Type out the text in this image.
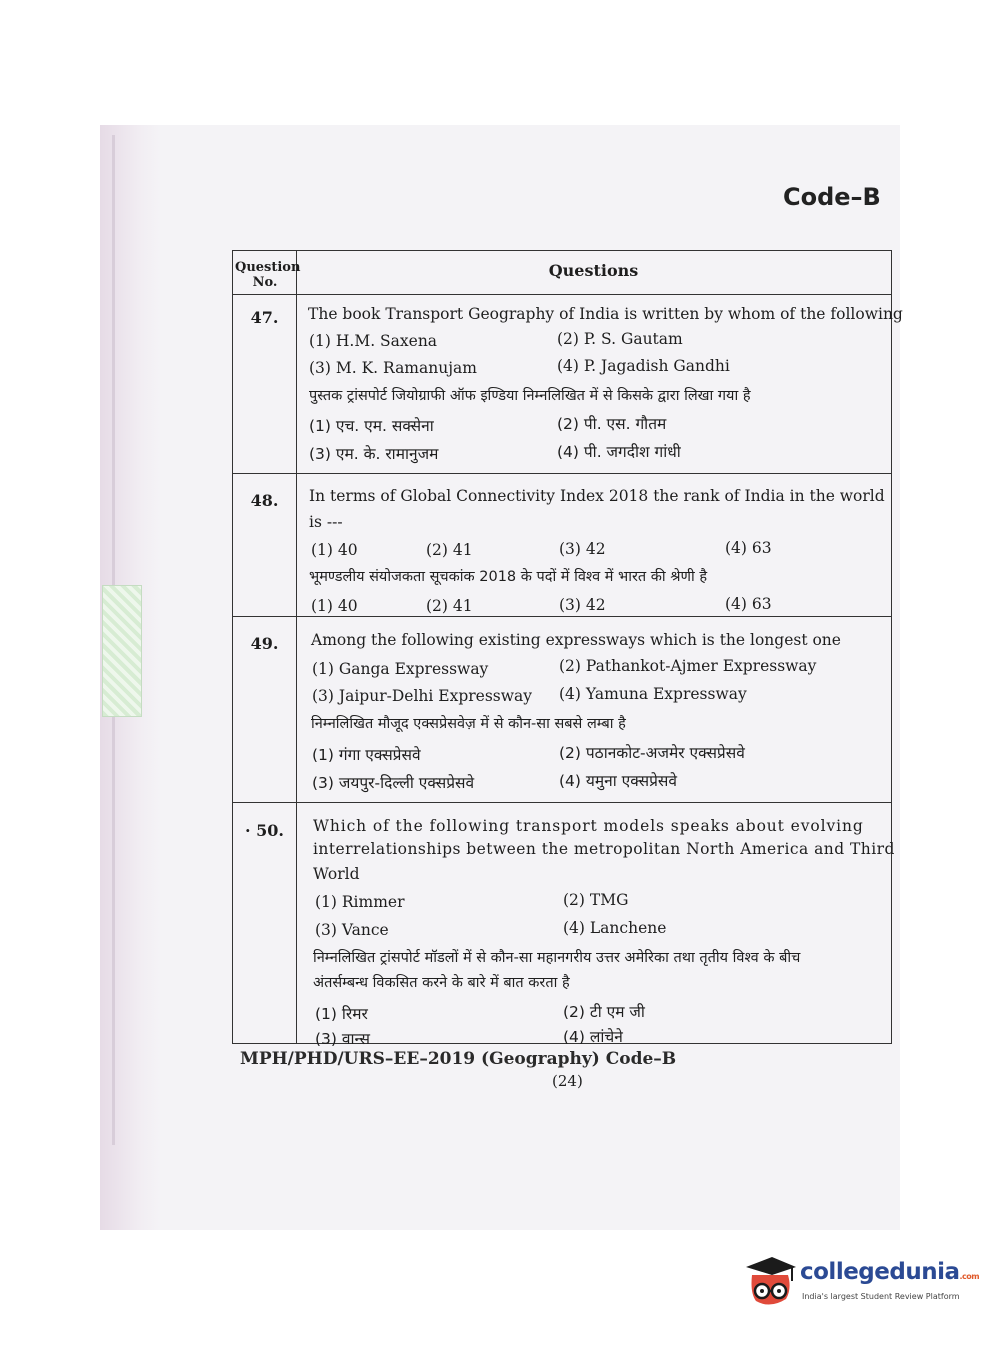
Code–B
Question No.
Questions
47.	The book Transport Geography of India is written by whom of the following
(1) H.M. Saxena	(2) P. S. Gautam
(3) M. K. Ramanujam	(4) P. Jagadish Gandhi
पुस्तक ट्रांसपोर्ट जियोग्राफी ऑफ इण्डिया निम्नलिखित में से किसके द्वारा लिखा गया है
(1) एच. एम. सक्सेना	(2) पी. एस. गौतम
(3) एम. के. रामानुजम	(4) पी. जगदीश गांधी
48.	In terms of Global Connectivity Index 2018 the rank of India in the world
is ---
(1) 40	(2) 41	(3) 42	(4) 63
भूमण्डलीय संयोजकता सूचकांक 2018 के पदों में विश्व में भारत की श्रेणी है
(1) 40	(2) 41	(3) 42	(4) 63
49.	Among the following existing expressways which is the longest one
(1) Ganga Expressway	(2) Pathankot-Ajmer Expressway
(3) Jaipur-Delhi Expressway (4) Yamuna Expressway
निम्नलिखित मौजूद एक्सप्रेसवेज़ में से कौन-सा सबसे लम्बा है
(1) गंगा एक्सप्रेसवे	(2) पठानकोट-अजमेर एक्सप्रेसवे
(3) जयपुर-दिल्ली एक्सप्रेसवे	(4) यमुना एक्सप्रेसवे
· 50.	Which of the following transport models speaks about evolving
interrelationships between the metropolitan North America and Third
World
(1) Rimmer	(2) TMG
(3) Vance	(4) Lanchene
निम्नलिखित ट्रांसपोर्ट मॉडलों में से कौन-सा महानगरीय उत्तर अमेरिका तथा तृतीय विश्व के बीच
अंतर्सम्बन्ध विकसित करने के बारे में बात करता है
(1) रिमर	(2) टी एम जी
(3) वान्स	(4) लांचेने
MPH/PHD/URS–EE–2019 (Geography) Code–B
(24)
collegedunia.com
India's largest Student Review Platform
